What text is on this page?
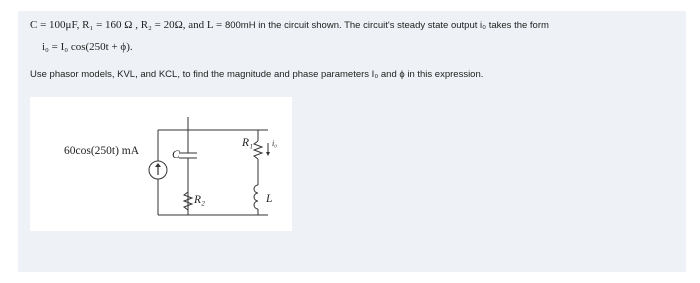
C = 100μF, R₁ = 160 Ω , R₂ = 20Ω, and L = 800mH in the circuit shown. The circuit's steady state output i₀ takes the form
i₀ = I₀ cos(250t + ϕ).
Use phasor models, KVL, and KCL, to find the magnitude and phase parameters I₀ and ϕ in this expression.
60cos(250t) mA	C
R₁
R₂	L
i₀
